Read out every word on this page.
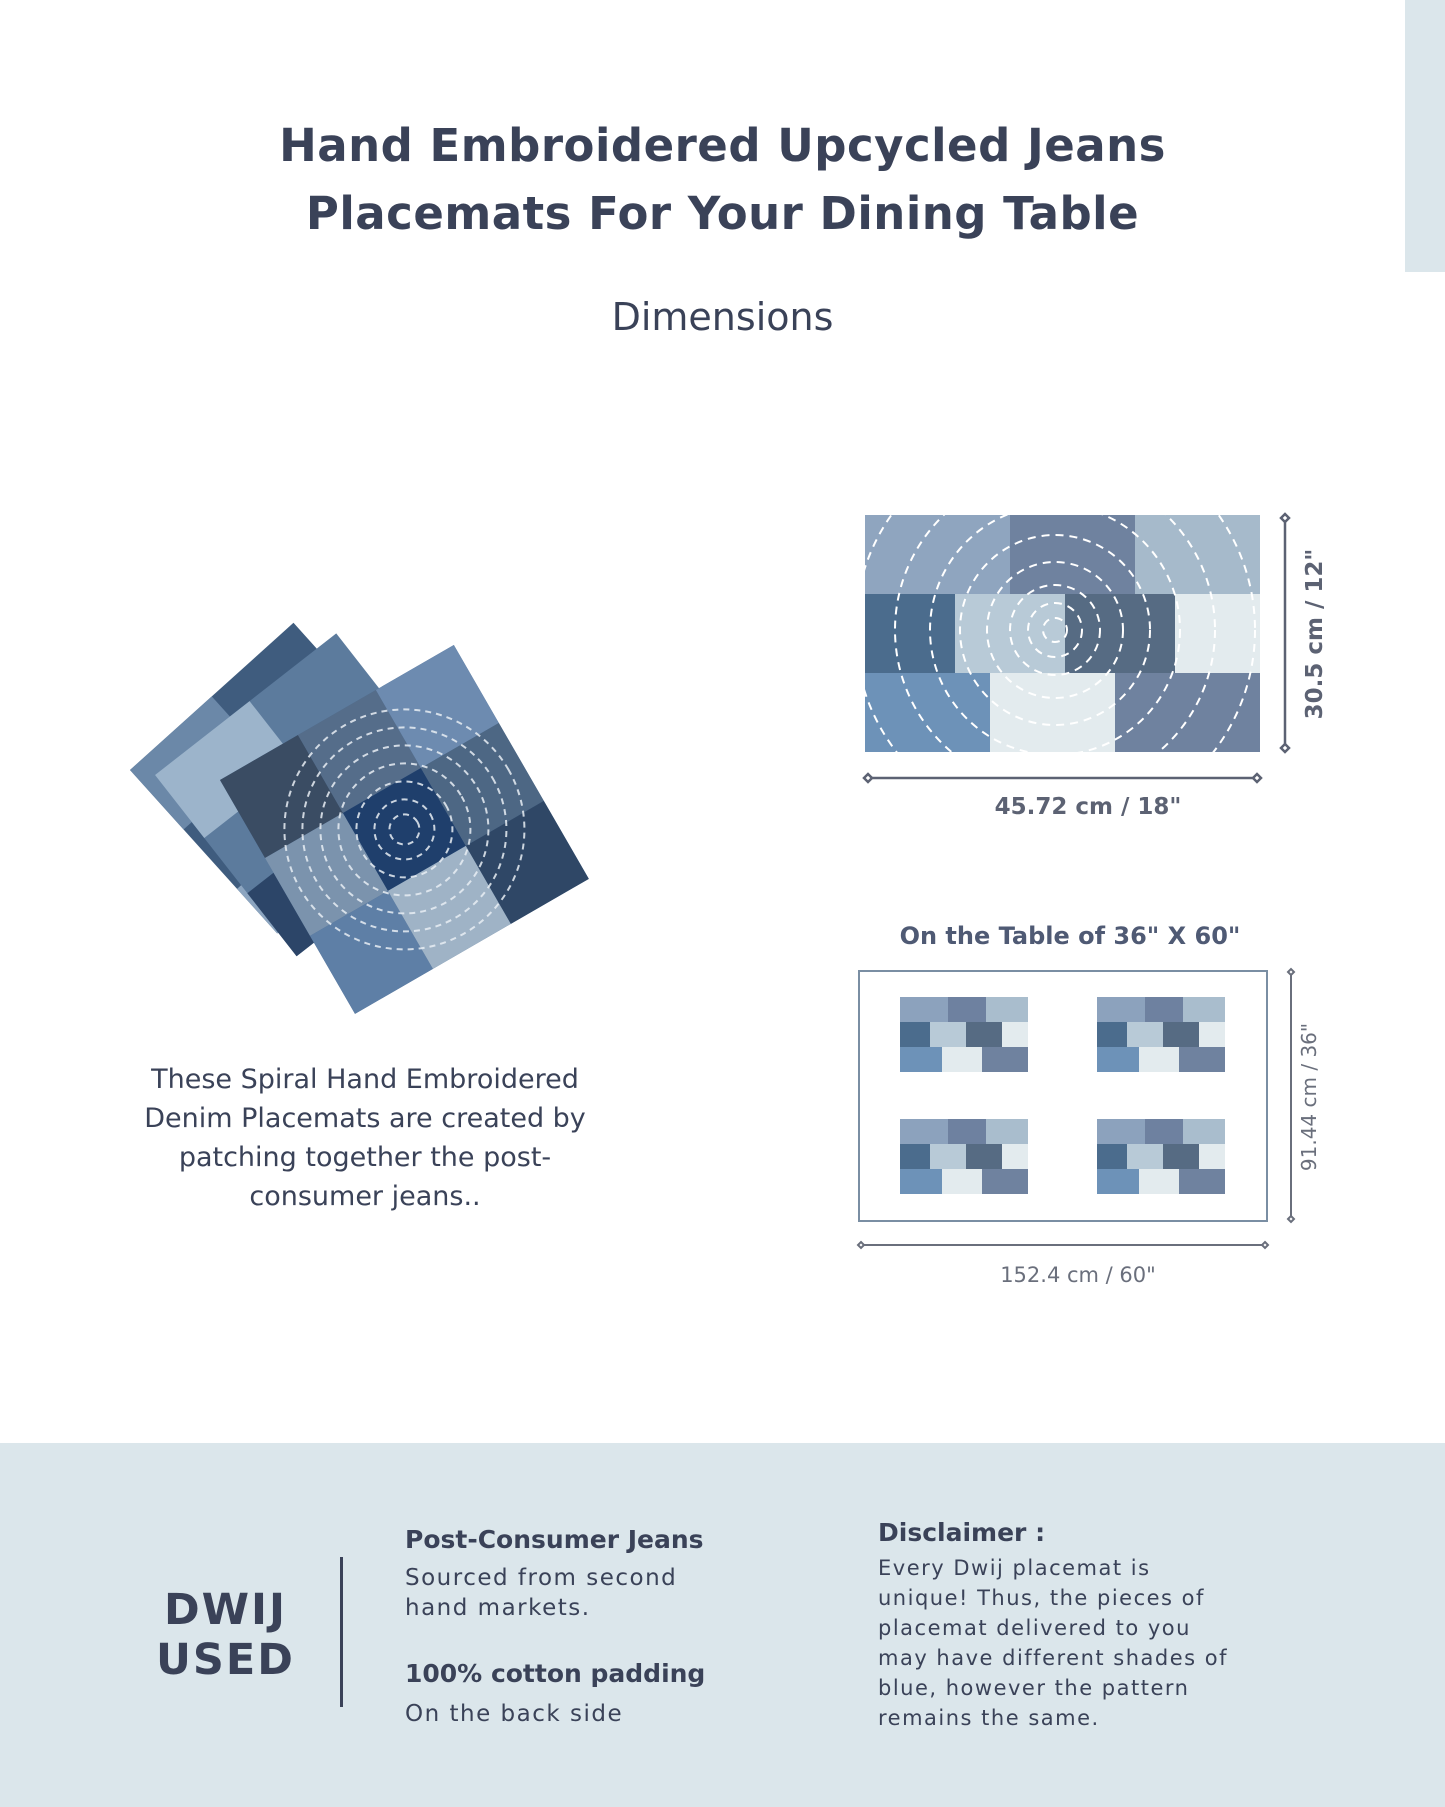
Hand Embroidered Upcycled Jeans
Placemats For Your Dining Table
Dimensions
These Spiral Hand Embroidered
Denim Placemats are created by
patching together the post-
consumer jeans..
45.72 cm / 18"
30.5 cm / 12"
On the Table of 36" X 60"
152.4 cm / 60"
91.44 cm / 36"
DWIJ
USED
Post-Consumer Jeans
Sourced from second
hand markets.
100% cotton padding
On the back side
Disclaimer :
Every Dwij placemat is
unique! Thus, the pieces of
placemat delivered to you
may have different shades of
blue, however the pattern
remains the same.
